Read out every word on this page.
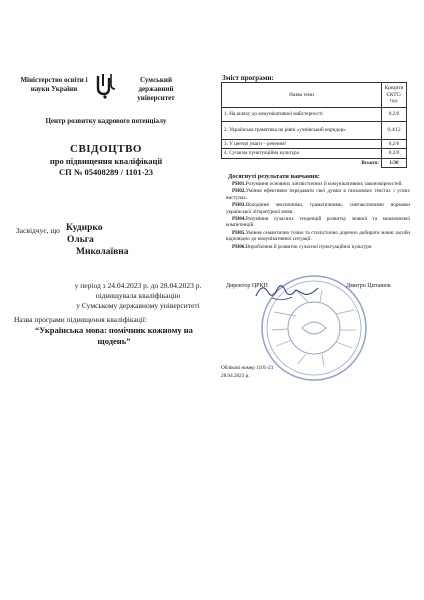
Міністерство освіти і науки України
Сумський державний університет
Центр розвитку кадрового потенціалу
СВІДОЦТВО
про підвищення кваліфікації
СП № 05408289 / 1101-23
Засвідчує, що Кудирко
Ольга
Миколаївна
у період з 24.04.2023 р. до 28.04.2023 р.
підвищувала кваліфікацію
у Сумському державному університеті
Назва програми підвищення кваліфікації:
“Українська мова: помічник кожному на щодень”
Зміст програми:
Назва теми	Кредити ЄКТС/ год.
1. На шляху до комунікативної майстерності	0,2/6
2. Українська граматика на рівні «учнівський коридор»	0,4/12
3. У центрі уваги – речення!	0,2/6
4. Сучасна пунктуаційна культура	0,2/6
Всього:	1/30
Досягнуті результати навчання:

РН01.Розуміння основних лінгвістичних й комунікативних закономірностей.

РН02.Уміння ефективно передавати свої думки в письмових текстах і усних виступах.

РН03.Володіння лексичними, граматичними, синтаксичними нормами української літературної мови.

РН04.Розуміння сучасних тенденцій розвитку мовної та мовленнєвої компетенцій.

РН05.Уміння семантично точно та стилістично доречно добирати мовні засоби відповідно до комунікативної ситуації.

РН06.Вироблення й розвиток сучасної пунктуаційної культури

Директор ЦРКП	Дмитро Цитанюк
Облікові номер 1101-23
28.04.2023 р.
